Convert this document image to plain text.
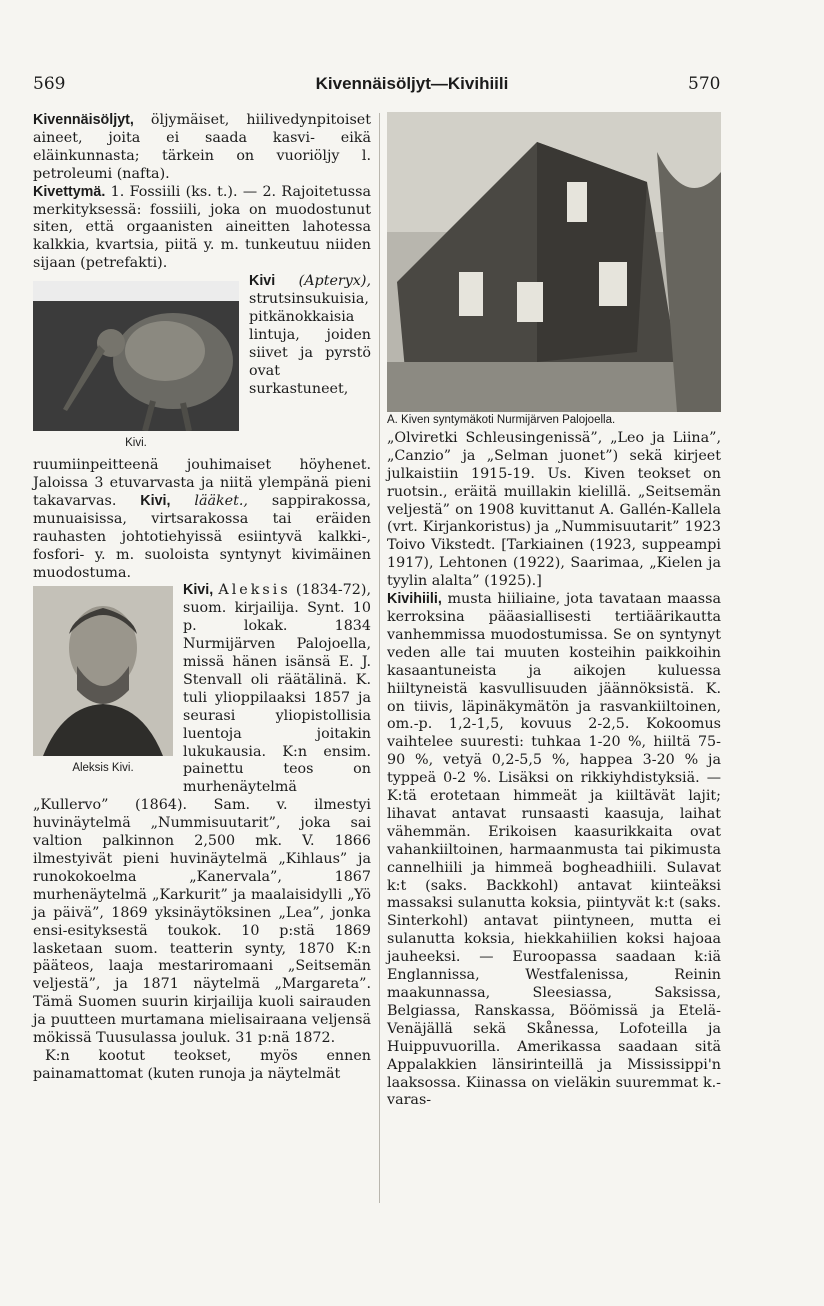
569	Kivennäisöljyt—Kivihiili	570

Kivennäisöljyt, öljymäiset, hiilivedynpitoiset aineet, joita ei saada kasvi- eikä eläinkunnasta; tärkein on vuoriöljy l. petroleumi (nafta).

Kivettymä. 1. Fossiili (ks. t.). — 2. Rajoitetussa merkityksessä: fossiili, joka on muodostunut siten, että orgaanisten aineitten lahotessa kalkkia, kvartsia, piitä y. m. tunkeutuu niiden sijaan (petrefakti).

Kivi (Apteryx),
Kivi.
strutsinsukuisia, pitkänokkaisia lintuja, joiden siivet ja pyrstö ovat surkastuneet, ruumiinpeitteenä jouhimaiset höyhenet. Jaloissa 3 etuvarvasta ja niitä ylempänä pieni takavarvas. Kivi, lääket., sappirakossa, munuaisissa, virtsarakossa tai eräiden rauhasten johtotiehyissä esiintyvä kalkki-, fosfori- y. m. suoloista syntynyt kivimäinen muodostuma.

Kivi, Aleksis
Aleksis Kivi.
(1834-72), suom. kirjailija. Synt. 10 p. lokak. 1834 Nurmijärven Palojoella, missä hänen isänsä E. J. Stenvall oli räätälinä. K. tuli ylioppilaaksi 1857 ja seurasi yliopistollisia luentoja joitakin lukukausia. K:n ensim. painettu teos on murhenäytelmä „Kullervo” (1864). Sam. v. ilmestyi huvinäytelmä „Nummisuutarit”, joka sai valtion palkinnon 2,500 mk. V. 1866 ilmestyivät pieni huvinäytelmä „Kihlaus” ja runokokoelma „Kanervala”, 1867 murhenäytelmä „Karkurit” ja maalaisidylli „Yö ja päivä”, 1869 yksinäytöksinen „Lea”, jonka ensi-esityksestä toukok. 10 p:stä 1869 lasketaan suom. teatterin synty, 1870 K:n pääteos, laaja mestariromaani „Seitsemän veljestä”, ja 1871 näytelmä „Margareta”. Tämä Suomen suurin kirjailija kuoli sairauden ja puutteen murtamana mielisairaana veljensä mökissä Tuusulassa jouluk. 31 p:nä 1872.

K:n kootut teokset, myös ennen painamattomat (kuten runoja ja näytelmät

A. Kiven syntymäkoti Nurmijärven Palojoella.

„Olviretki Schleusingenissä”, „Leo ja Liina”, „Canzio” ja „Selman juonet”) sekä kirjeet julkaistiin 1915-19. Us. Kiven teokset on ruotsin., eräitä muillakin kielillä. „Seitsemän veljestä” on 1908 kuvittanut A. Gallén-Kallela (vrt. Kirjankoristus) ja „Nummisuutarit” 1923 Toivo Vikstedt. [Tarkiainen (1923, suppeampi 1917), Lehtonen (1922), Saarimaa, „Kielen ja tyylin alalta” (1925).]

Kivihiili, musta hiiliaine, jota tavataan maassa kerroksina pääasiallisesti tertiäärikautta vanhemmissa muodostumissa. Se on syntynyt veden alle tai muuten kosteihin paikkoihin kasaantuneista ja aikojen kuluessa hiiltyneistä kasvullisuuden jäännöksistä. K. on tiivis, läpinäkymätön ja rasvankiiltoinen, om.-p. 1,2-1,5, kovuus 2-2,5. Kokoomus vaihtelee suuresti: tuhkaa 1-20 %, hiiltä 75-90 %, vetyä 0,2-5,5 %, happea 3-20 % ja typpeä 0-2 %. Lisäksi on rikkiyhdistyksiä. — K:tä erotetaan himmeät ja kiiltävät lajit; lihavat antavat runsaasti kaasuja, laihat vähemmän. Erikoisen kaasurikkaita ovat vahankiiltoinen, harmaanmusta tai pikimusta cannelhiili ja himmeä bogheadhiili. Sulavat k:t (saks. Backkohl) antavat kiinteäksi massaksi sulanutta koksia, piintyvät k:t (saks. Sinterkohl) antavat piintyneen, mutta ei sulanutta koksia, hiekkahiilien koksi hajoaa jauheeksi. — Euroopassa saadaan k:iä Englannissa, Westfalenissa, Reinin maakunnassa, Sleesiassa, Saksissa, Belgiassa, Ranskassa, Böömissä ja Etelä-Venäjällä sekä Skånessa, Lofoteilla ja Huippuvuorilla. Amerikassa saadaan sitä Appalakkien länsirinteillä ja Mississippi'n laaksossa. Kiinassa on vieläkin suuremmat k.-varas-
